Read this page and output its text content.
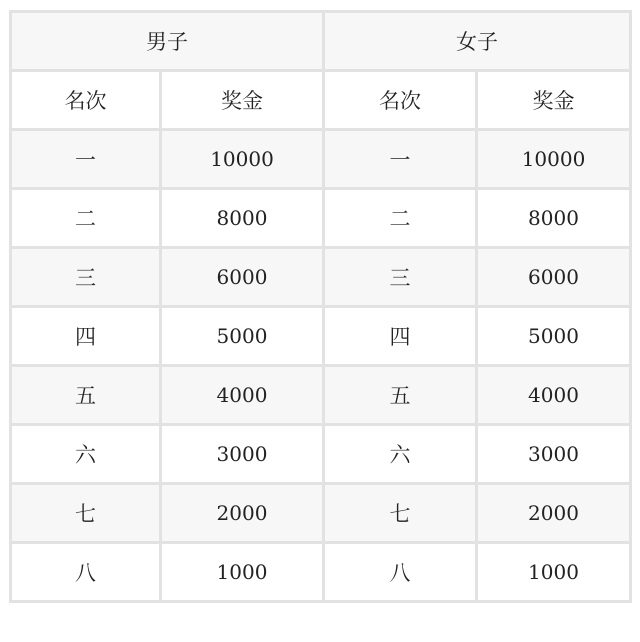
男子		女子	
名次	奖金	名次	奖金
一	10000	一	10000
二	8000	二	8000
三	6000	三	6000
四	5000	四	5000
五	4000	五	4000
六	3000	六	3000
七	2000	七	2000
八	1000	八	1000
